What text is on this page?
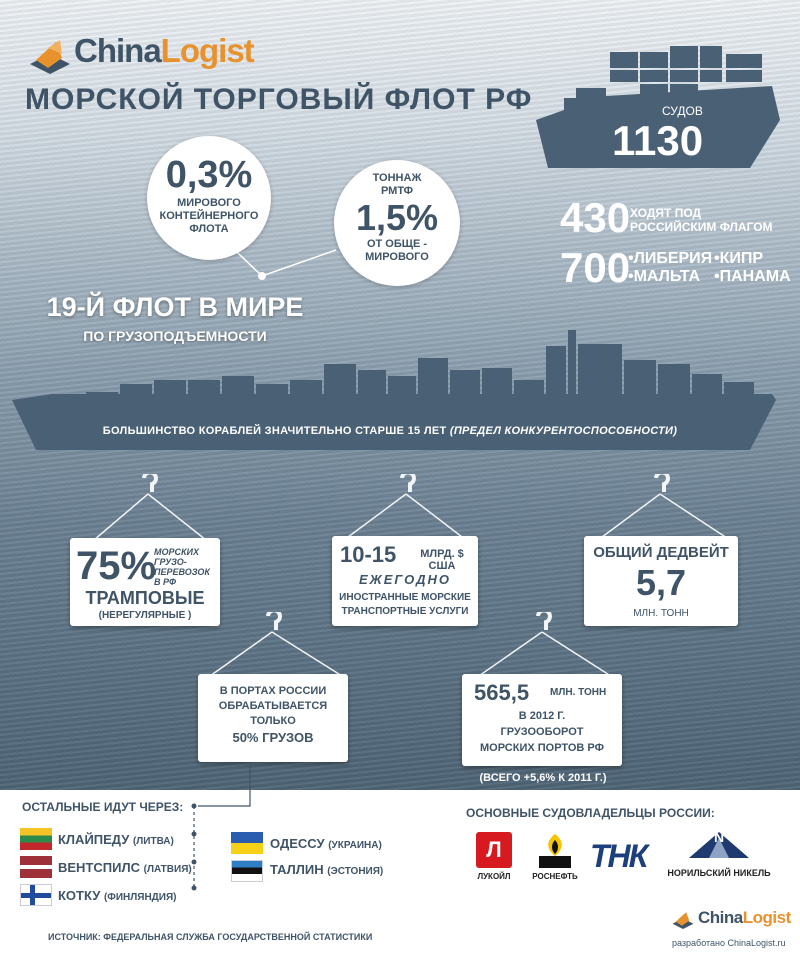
ChinaLogist
МОРСКОЙ ТОРГОВЫЙ ФЛОТ РФ	СУДОВ
1130
430 ХОДЯТ ПОД
РОССИЙСКИМ ФЛАГОМ
700
•ЛИБЕРИЯ •КИПР
•МАЛЬТА •ПАНАМА
0,3%
МИРОВОГО
КОНТЕЙНЕРНОГО
ФЛОТА
ТОННАЖ
РМТФ
1,5%
ОТ ОБЩЕ -
МИРОВОГО
19-Й ФЛОТ В МИРЕ
ПО ГРУЗОПОДЪЕМНОСТИ
БОЛЬШИНСТВО КОРАБЛЕЙ ЗНАЧИТЕЛЬНО СТАРШЕ 15 ЛЕТ (ПРЕДЕЛ КОНКУРЕНТОСПОСОБНОСТИ)
75%
МОРСКИХ
ГРУЗО-
ПЕРЕВОЗОК
В РФ
ТРАМПОВЫЕ
(НЕРЕГУЛЯРНЫЕ )
10-15	МЛРД. $ США
ЕЖЕГОДНО
ИНОСТРАННЫЕ МОРСКИЕ
ТРАНСПОРТНЫЕ УСЛУГИ
ОБЩИЙ ДЕДВЕЙТ
5,7
МЛН. ТОНН
В ПОРТАХ РОССИИ
ОБРАБАТЫВАЕТСЯ
ТОЛЬКО
50% ГРУЗОВ
565,5 МЛН. ТОНН
В 2012 Г.
ГРУЗООБОРОТ
МОРСКИХ ПОРТОВ РФ
(ВСЕГО +5,6% К 2011 Г.)
ОСТАЛЬНЫЕ ИДУТ ЧЕРЕЗ:
КЛАЙПЕДУ (ЛИТВА)
ВЕНТСПИЛС (ЛАТВИЯ)
КОТКУ (ФИНЛЯНДИЯ)
ОДЕССУ (УКРАИНА)
ТАЛЛИН (ЭСТОНИЯ)
ОСНОВНЫЕ СУДОВЛАДЕЛЬЦЫ РОССИИ:
Л
ЛУКОЙЛ	РОСНЕФТЬ
ТНК
N
НОРИЛЬСКИЙ НИКЕЛЬ
ChinaLogist
разработано ChinaLogist.ru
ИСТОЧНИК: ФЕДЕРАЛЬНАЯ СЛУЖБА ГОСУДАРСТВЕННОЙ СТАТИСТИКИ
